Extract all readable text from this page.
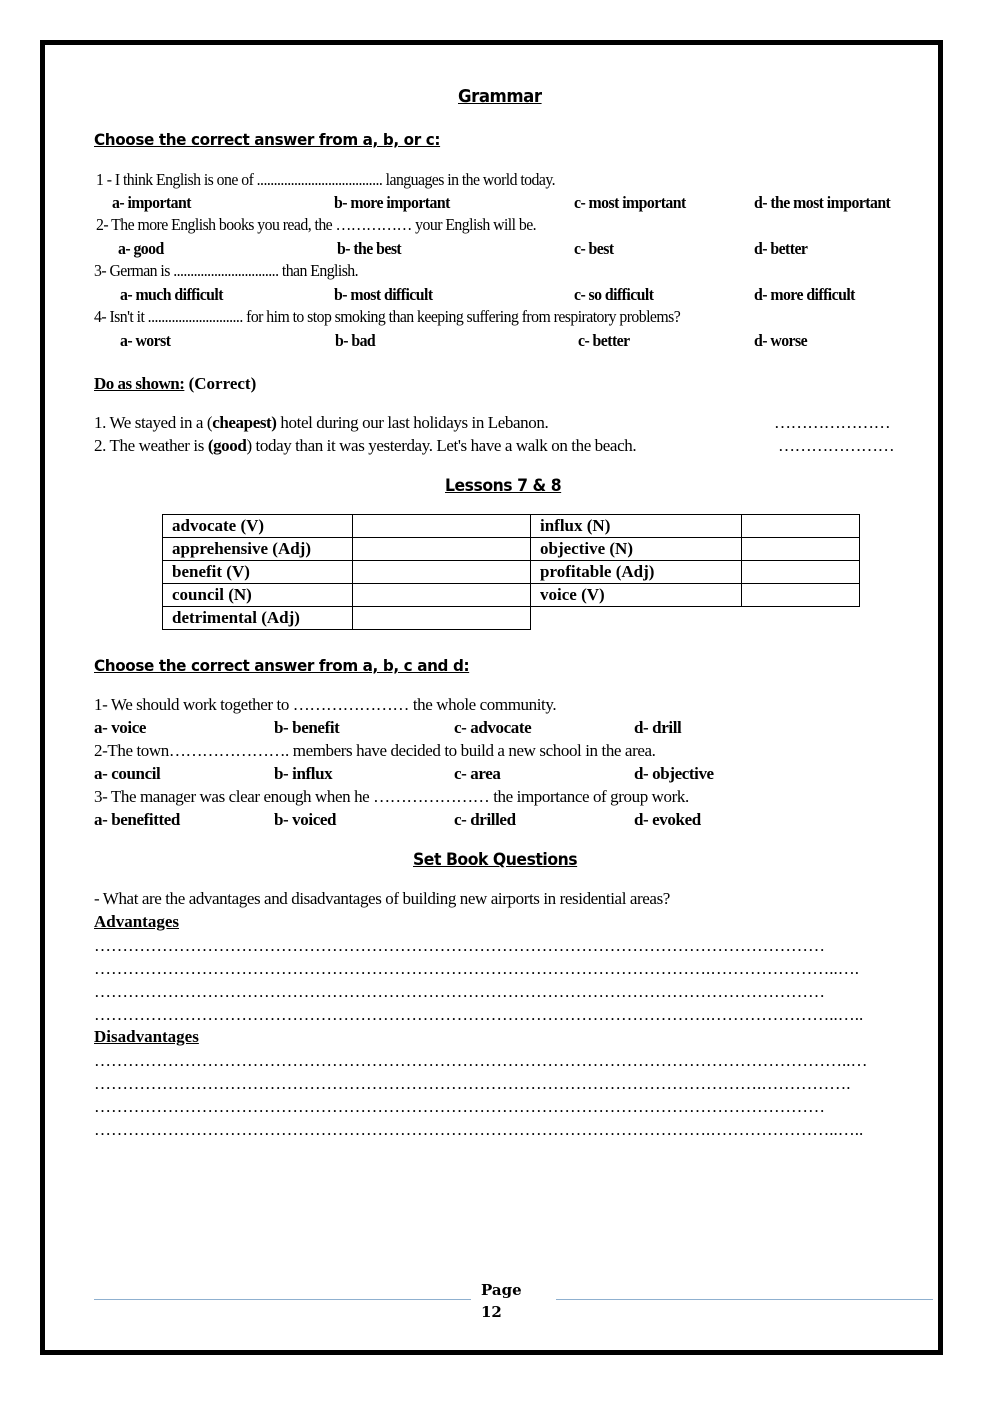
Grammar
Choose the correct answer from a, b, or c:
1 - I think English is one of ..................................... languages in the world today.
a- important	b- more important	c- most important	d- the most important
2- The more English books you read, the …………… your English will be.
a- good	b- the best	c- best	d- better
3- German is ............................... than English.
a- much difficult	b- most difficult	c- so difficult	d- more difficult
4- Isn't it ............................ for him to stop smoking than keeping suffering from respiratory problems?
a- worst	b- bad	c- better	d- worse
Do as shown: (Correct)
1. We stayed in a (cheapest) hotel during our last holidays in Lebanon.	…………………
2. The weather is (good) today than it was yesterday. Let's have a walk on the beach.	…………………
Lessons 7 & 8
advocate (V)		influx (N)	
apprehensive (Adj)		objective (N)	
benefit (V)		profitable (Adj)	
council (N)		voice (V)	
detrimental (Adj)			
Choose the correct answer from a, b, c and d:
1- We should work together to ………………… the whole community.
a- voice	b- benefit	c- advocate	d- drill
2-The town…………………. members have decided to build a new school in the area.
a- council	b- influx	c- area	d- objective
3- The manager was clear enough when he ………………… the importance of group work.
a- benefitted	b- voiced	c- drilled	d- evoked
Set Book Questions
- What are the advantages and disadvantages of building new airports in residential areas?
Advantages
…………………………………………………………………………………………………………………
……………………………………………………………………………………………….…………………..….
…………………………………………………………………………………………………………………
……………………………………………………………………………………………….…………………..…..
Disadvantages
……………………………………………………………………………………………………………………..…
……………………………………………………………………………………………………….…………….
…………………………………………………………………………………………………………………
……………………………………………………………………………………………….…………………..…..
Page
12
